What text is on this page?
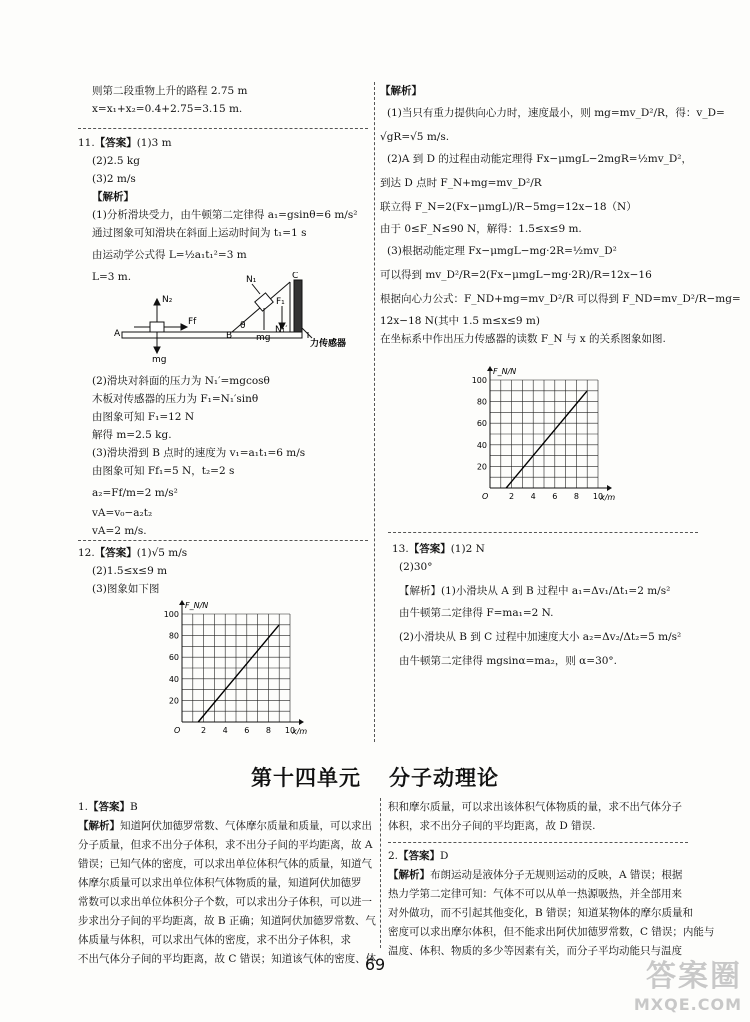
则第二段重物上升的路程 2.75 m
x=x₁+x₂=0.4+2.75=3.15 m.
11.【答案】(1)3 m
(2)2.5 kg
(3)2 m/s
【解析】
(1)分析滑块受力，由牛顿第二定律得 a₁=gsinθ=6 m/s²
通过图象可知滑块在斜面上运动时间为 t₁=1 s
由运动学公式得 L=½a₁t₁²=3 m
L=3 m.	N₁	C
N₂	F₁
Ff	θ
A	B
mg
mg
N₁′
力传感器
(2)滑块对斜面的压力为 N₁′=mgcosθ
木板对传感器的压力为 F₁=N₁′sinθ
由图象可知 F₁=12 N
解得 m=2.5 kg.
(3)滑块滑到 B 点时的速度为 v₁=a₁t₁=6 m/s
由图象可知 Ff₁=5 N，t₂=2 s
a₂=Ff/m=2 m/s²
vA=v₀−a₂t₂
vA=2 m/s.
12.【答案】(1)√5 m/s
(2)1.5≤x≤9 m
(3)图象如下图
2 4 6 8 10
20
40
60
80
100
O	x/m
F_N/N
【解析】
(1)当只有重力提供向心力时，速度最小，则 mg=mv_D²/R，得：v_D=
√gR=√5 m/s.
(2)A 到 D 的过程由动能定理得 Fx−μmgL−2mgR=½mv_D²，
到达 D 点时 F_N+mg=mv_D²/R
联立得 F_N=2(Fx−μmgL)/R−5mg=12x−18（N）
由于 0≤F_N≤90 N，解得：1.5≤x≤9 m.
(3)根据动能定理 Fx−μmgL−mg·2R=½mv_D²
可以得到 mv_D²/R=2(Fx−μmgL−mg·2R)/R=12x−16
根据向心力公式：F_ND+mg=mv_D²/R 可以得到 F_ND=mv_D²/R−mg=
12x−18 N(其中 1.5 m≤x≤9 m)
在坐标系中作出压力传感器的读数 F_N 与 x 的关系图象如图.
2 4 6 8 10
20
40
60
80
100
O	x/m
F_N/N
13.【答案】(1)2 N
(2)30°
【解析】(1)小滑块从 A 到 B 过程中 a₁=Δv₁/Δt₁=2 m/s²
由牛顿第二定律得 F=ma₁=2 N.
(2)小滑块从 B 到 C 过程中加速度大小 a₂=Δv₂/Δt₂=5 m/s²
由牛顿第二定律得 mgsinα=ma₂，则 α=30°.
第十四单元 分子动理论
1.【答案】B
【解析】知道阿伏加德罗常数、气体摩尔质量和质量，可以求出
分子质量，但求不出分子体积，求不出分子间的平均距离，故 A
错误；已知气体的密度，可以求出单位体积气体的质量，知道气
体摩尔质量可以求出单位体积气体物质的量，知道阿伏加德罗
常数可以求出单位体积分子个数，可以求出分子体积，可以进一
步求出分子间的平均距离，故 B 正确；知道阿伏加德罗常数、气
体质量与体积，可以求出气体的密度，求不出分子体积，求
不出气体分子间的平均距离，故 C 错误；知道该气体的密度、体
积和摩尔质量，可以求出该体积气体物质的量，求不出气体分子
体积，求不出分子间的平均距离，故 D 错误.
2.【答案】D
【解析】布朗运动是液体分子无规则运动的反映，A 错误；根据
热力学第二定律可知：气体不可以从单一热源吸热，并全部用来
对外做功，而不引起其他变化，B 错误；知道某物体的摩尔质量和
密度可以求出摩尔体积，但不能求出阿伏加德罗常数，C 错误；内能与
温度、体积、物质的多少等因素有关，而分子平均动能只与温度
69	答案圈
MXQE.COM
